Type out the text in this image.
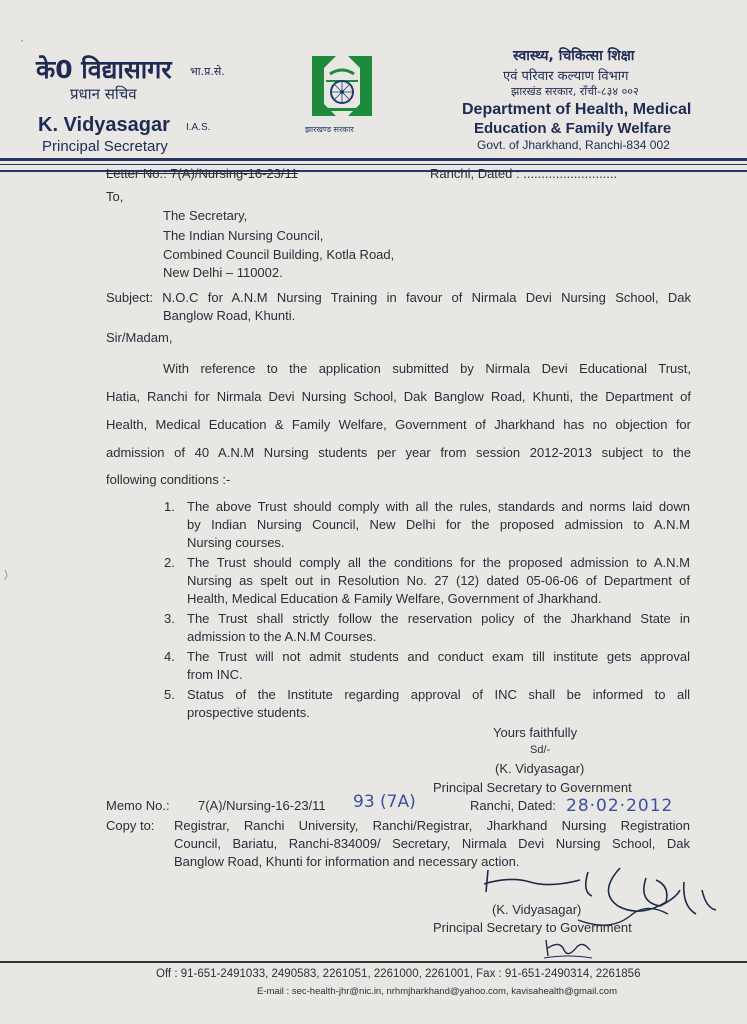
ˊ
के0 विद्यासागर भा.प्र.से.
प्रधान सचिव
K. Vidyasagar I.A.S.
Principal Secretary
झारखण्ड सरकार
स्वास्थ्य, चिकित्सा शिक्षा
एवं परिवार कल्याण विभाग
झारखंड सरकार, राँची-८३४ ००२
Department of Health, Medical
Education & Family Welfare
Govt. of Jharkhand, Ranchi-834 002
Letter No.: 7(A)/Nursing-16-23/11	Ranchi, Dated : ..........................
To,
The Secretary,
The Indian Nursing Council,
Combined Council Building, Kotla Road,
New Delhi – 110002.
Subject: N.O.C for A.N.M Nursing Training in favour of Nirmala Devi Nursing School, Dak
Banglow Road, Khunti.
Sir/Madam,
With reference to the application submitted by Nirmala Devi Educational Trust,
Hatia, Ranchi for Nirmala Devi Nursing School, Dak Banglow Road, Khunti, the Department of
Health, Medical Education & Family Welfare, Government of Jharkhand has no objection for
admission of 40 A.N.M Nursing students per year from session 2012-2013 subject to the
following conditions :-
1. The above Trust should comply with all the rules, standards and norms laid down
by Indian Nursing Council, New Delhi for the proposed admission to A.N.M
Nursing courses.
2. The Trust should comply all the conditions for the proposed admission to A.N.M
Nursing as spelt out in Resolution No. 27 (12) dated 05-06-06 of Department of
Health, Medical Education & Family Welfare, Government of Jharkhand.
3. The Trust shall strictly follow the reservation policy of the Jharkhand State in
admission to the A.N.M Courses.
4. The Trust will not admit students and conduct exam till institute gets approval
from INC.
5. Status of the Institute regarding approval of INC shall be informed to all
prospective students.
Yours faithfully
Sd/-
(K. Vidyasagar)
Principal Secretary to Government
Memo No.: 7(A)/Nursing-16-23/11 93 (7A)	Ranchi, Dated: 28·02·2012
Copy to: Registrar, Ranchi University, Ranchi/Registrar, Jharkhand Nursing Registration
Council, Bariatu, Ranchi-834009/ Secretary, Nirmala Devi Nursing School, Dak
Banglow Road, Khunti for information and necessary action.
(K. Vidyasagar)
Principal Secretary to Government
Off : 91-651-2491033, 2490583, 2261051, 2261000, 2261001, Fax : 91-651-2490314, 2261856
E-mail : sec-health-jhr@nic.in, nrhmjharkhand@yahoo.com, kavisahealth@gmail.com
